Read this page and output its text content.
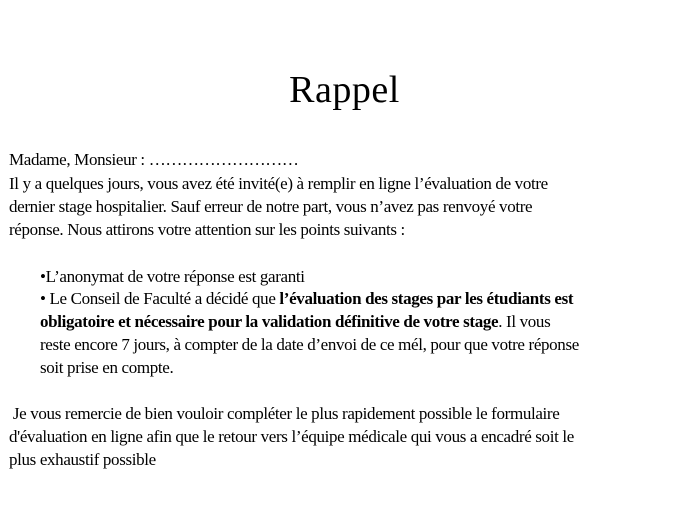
Rappel
Madame, Monsieur : ………………………
Il y a quelques jours, vous avez été invité(e) à remplir en ligne l’évaluation de votre
dernier stage hospitalier. Sauf erreur de notre part, vous n’avez pas renvoyé votre
réponse. Nous attirons votre attention sur les points suivants :
•L’anonymat de votre réponse est garanti
• Le Conseil de Faculté a décidé que l’évaluation des stages par les étudiants est
obligatoire et nécessaire pour la validation définitive de votre stage. Il vous
reste encore 7 jours, à compter de la date d’envoi de ce mél, pour que votre réponse
soit prise en compte.
Je vous remercie de bien vouloir compléter le plus rapidement possible le formulaire
d'évaluation en ligne afin que le retour vers l’équipe médicale qui vous a encadré soit le
plus exhaustif possible
